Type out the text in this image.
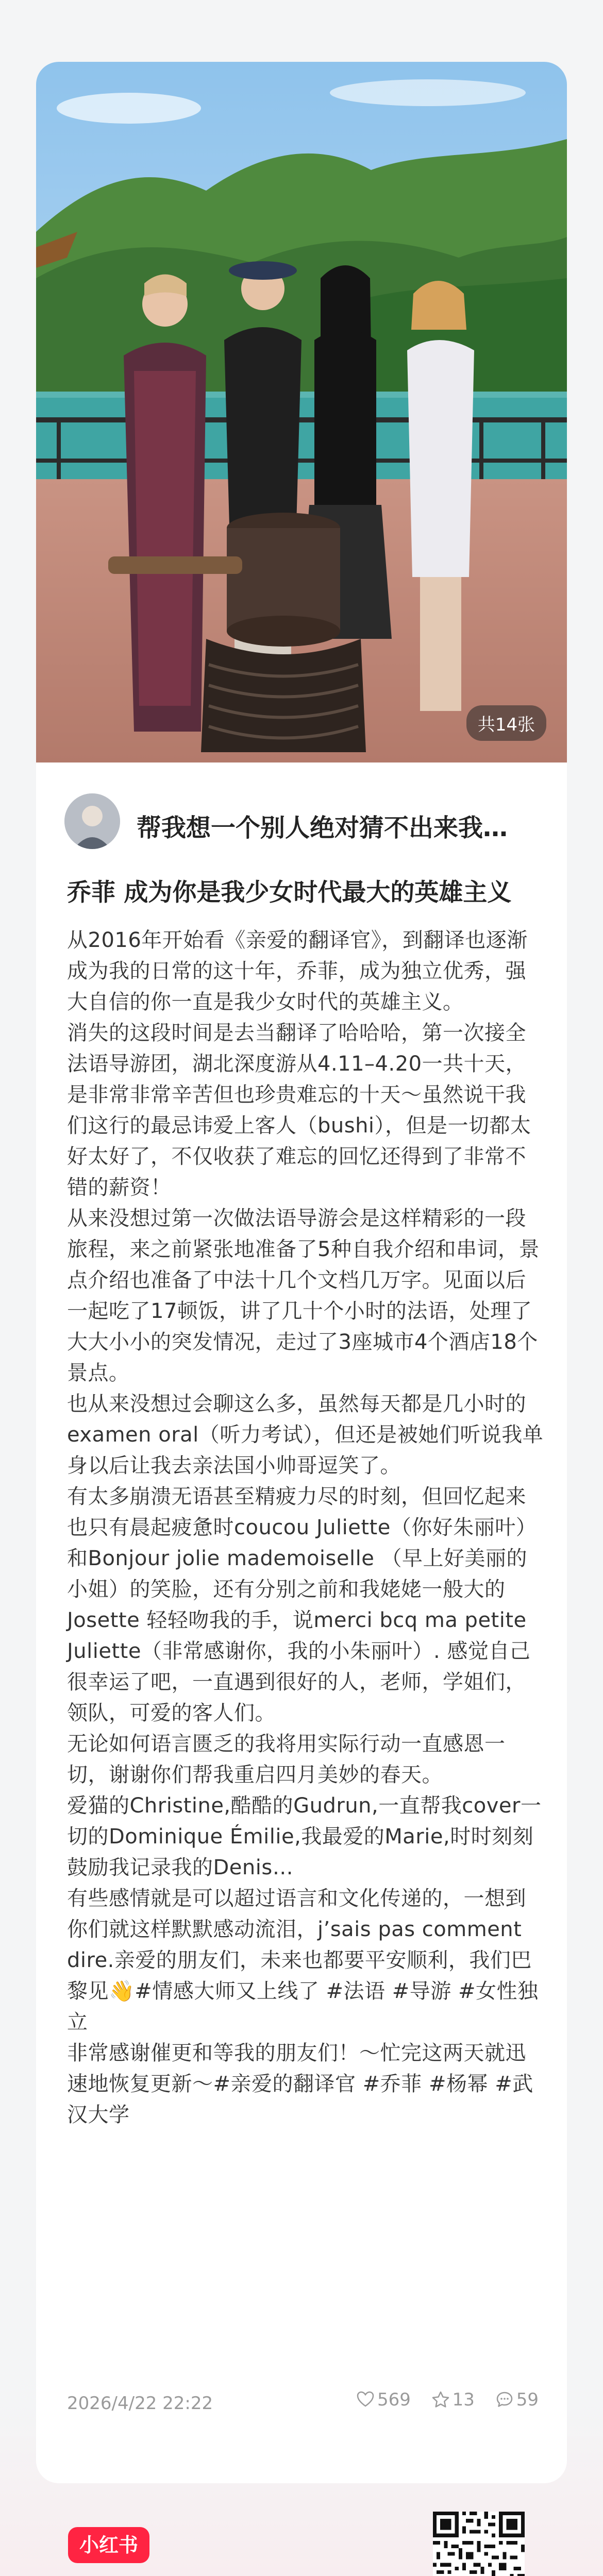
共14张
帮我想一个别人绝对猜不出来我…
乔菲 成为你是我少女时代最大的英雄主义

从2016年开始看《亲爱的翻译官》，到翻译也逐渐成为我的日常的这十年，乔菲，成为独立优秀，强大自信的你一直是我少女时代的英雄主义。

消失的这段时间是去当翻译了哈哈哈，第一次接全法语导游团，湖北深度游从4.11–4.20一共十天，是非常非常辛苦但也珍贵难忘的十天～虽然说干我们这行的最忌讳爱上客人（bushi），但是一切都太好太好了，不仅收获了难忘的回忆还得到了非常不错的薪资！

从来没想过第一次做法语导游会是这样精彩的一段旅程，来之前紧张地准备了5种自我介绍和串词，景点介绍也准备了中法十几个文档几万字。见面以后一起吃了17顿饭，讲了几十个小时的法语，处理了大大小小的突发情况，走过了3座城市4个酒店18个景点。

也从来没想过会聊这么多，虽然每天都是几小时的examen oral（听力考试），但还是被她们听说我单身以后让我去亲法国小帅哥逗笑了。

有太多崩溃无语甚至精疲力尽的时刻，但回忆起来也只有晨起疲惫时coucou Juliette（你好朱丽叶） 和Bonjour jolie mademoiselle （早上好美丽的小姐）的笑脸，还有分别之前和我姥姥一般大的Josette 轻轻吻我的手，说merci bcq ma petite Juliette（非常感谢你，我的小朱丽叶）. 感觉自己很幸运了吧，一直遇到很好的人，老师，学姐们，领队，可爱的客人们。

无论如何语言匮乏的我将用实际行动一直感恩一切，谢谢你们帮我重启四月美妙的春天。

爱猫的Christine,酷酷的Gudrun,一直帮我cover一切的Dominique Émilie,我最爱的Marie,时时刻刻鼓励我记录我的Denis…

有些感情就是可以超过语言和文化传递的，一想到你们就这样默默感动流泪，j’sais pas comment dire.亲爱的朋友们，未来也都要平安顺利，我们巴黎见👋#情感大师又上线了 #法语 #导游 #女性独立

非常感谢催更和等我的朋友们！～忙完这两天就迅速地恢复更新～#亲爱的翻译官 #乔菲 #杨幂 #武汉大学

2026/4/22 22:22	569 13 59
小红书
